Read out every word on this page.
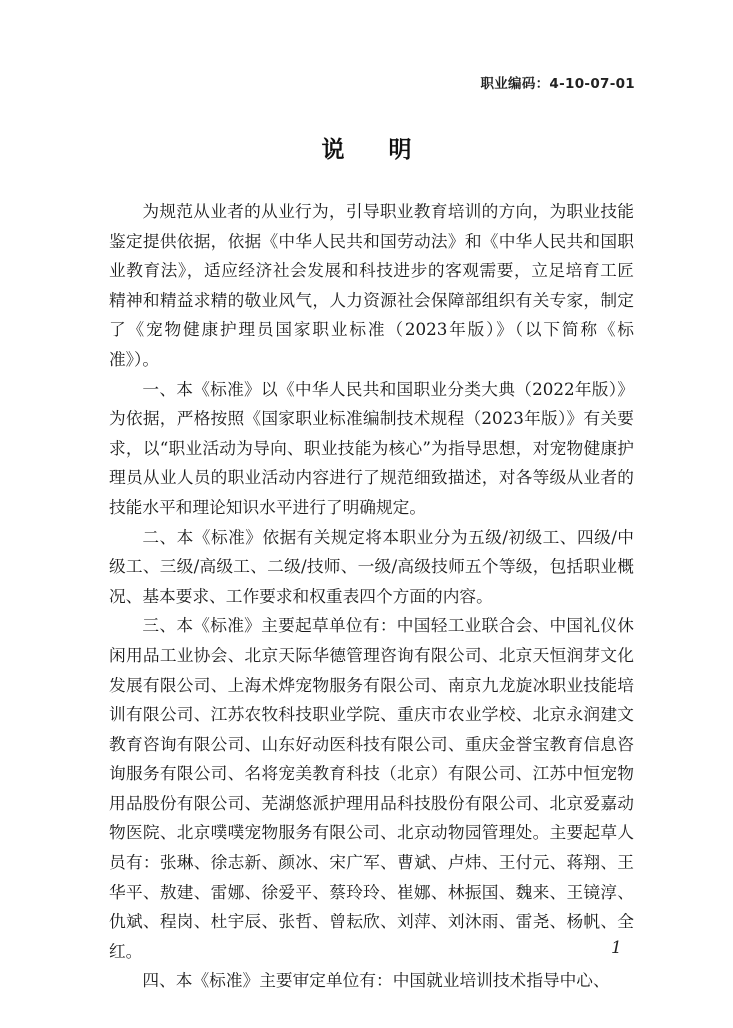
职业编码：4-10-07-01
说明

为规范从业者的从业行为，引导职业教育培训的方向，为职业技能鉴定提供依据，依据《中华人民共和国劳动法》和《中华人民共和国职业教育法》，适应经济社会发展和科技进步的客观需要，立足培育工匠精神和精益求精的敬业风气，人力资源社会保障部组织有关专家，制定了《宠物健康护理员国家职业标准（2023年版）》（以下简称《标准》）。

一、本《标准》以《中华人民共和国职业分类大典（2022年版）》为依据，严格按照《国家职业标准编制技术规程（2023年版）》有关要求，以“职业活动为导向、职业技能为核心”为指导思想，对宠物健康护理员从业人员的职业活动内容进行了规范细致描述，对各等级从业者的技能水平和理论知识水平进行了明确规定。

二、本《标准》依据有关规定将本职业分为五级/初级工、四级/中级工、三级/高级工、二级/技师、一级/高级技师五个等级，包括职业概况、基本要求、工作要求和权重表四个方面的内容。

三、本《标准》主要起草单位有：中国轻工业联合会、中国礼仪休闲用品工业协会、北京天际华德管理咨询有限公司、北京天恒润芽文化发展有限公司、上海术烨宠物服务有限公司、南京九龙旋冰职业技能培训有限公司、江苏农牧科技职业学院、重庆市农业学校、北京永润建文教育咨询有限公司、山东好动医科技有限公司、重庆金誉宝教育信息咨询服务有限公司、名将宠美教育科技（北京）有限公司、江苏中恒宠物用品股份有限公司、芜湖悠派护理用品科技股份有限公司、北京爱嘉动物医院、北京噗噗宠物服务有限公司、北京动物园管理处。主要起草人员有：张琳、徐志新、颜冰、宋广军、曹斌、卢炜、王付元、蒋翔、王华平、敖建、雷娜、徐爱平、蔡玲玲、崔娜、林振国、魏来、王镜淳、仇斌、程岗、杜宇辰、张哲、曾耘欣、刘萍、刘沐雨、雷尧、杨帆、全红。

四、本《标准》主要审定单位有：中国就业培训技术指导中心、

1
